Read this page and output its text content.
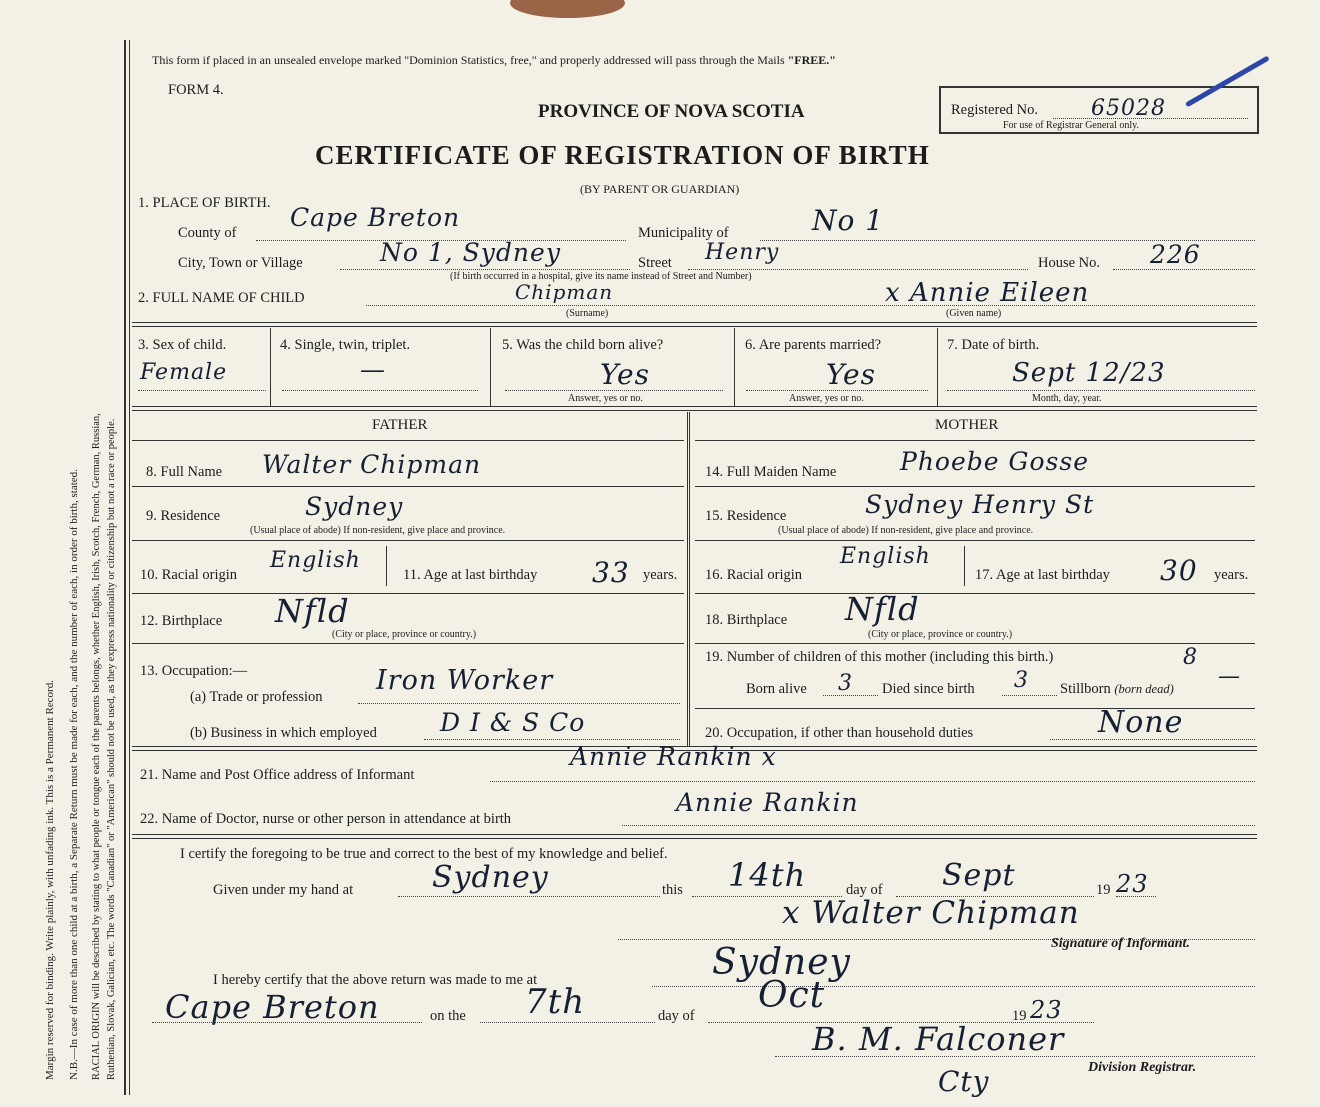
Margin reserved for binding. Write plainly, with unfading ink. This is a Permanent Record. N.B.—In case of more than one child at a birth, a Separate Return must be made for each, and the number of each, in order of birth, stated. RACIAL ORIGIN will be described by stating to what people or tongue each of the parents belongs, whether English, Irish, Scotch, French, German, Russian, Ruthenian, Slovak, Galician, etc. The words "Canadian" or "American" should not be used, as they express nationality or citizenship but not a race or people.
This form if placed in an unsealed envelope marked "Dominion Statistics, free," and properly addressed will pass through the Mails "FREE."
FORM 4.
PROVINCE OF NOVA SCOTIA
CERTIFICATE OF REGISTRATION OF BIRTH
(BY PARENT OR GUARDIAN)
Registered No. 65028
For use of Registrar General only.
1. PLACE OF BIRTH.
County of
Cape Breton
Municipality of	No 1
City, Town or Village	No 1, Sydney	Street Henry	House No. 226
(If birth occurred in a hospital, give its name instead of Street and Number)
2. FULL NAME OF CHILD	Chipman	x Annie Eileen
(Surname)	(Given name)
3. Sex of child.
Female
4. Single, twin, triplet.
—
5. Was the child born alive?
Yes
Answer, yes or no.
6. Are parents married?
Yes
Answer, yes or no.
7. Date of birth.
Sept 12/23
Month, day, year.
FATHER
8. Full Name Walter Chipman
9. Residence	Sydney
(Usual place of abode) If non-resident, give place and province.
10. Racial origin
English
11. Age at last birthday 33 years.
12. Birthplace Nfld
(City or place, province or country.)
13. Occupation:—
(a) Trade or profession
Iron Worker
(b) Business in which employed	D I & S Co
MOTHER
14. Full Maiden Name	Phoebe Gosse
15. Residence	Sydney Henry St
(Usual place of abode) If non-resident, give place and province.
16. Racial origin
English
17. Age at last birthday 30 years.
18. Birthplace Nfld
(City or place, province or country.)
19. Number of children of this mother (including this birth.)	8
Born alive 3 Died since birth 3 Stillborn (born dead) —
20. Occupation, if other than household duties	None
21. Name and Post Office address of Informant
Annie Rankin x
22. Name of Doctor, nurse or other person in attendance at birth
Annie Rankin
I certify the foregoing to be true and correct to the best of my knowledge and belief.
Given under my hand at	Sydney	this 14th	day of Sept	19 23
x Walter Chipman
Signature of Informant.
I hereby certify that the above return was made to me at	Sydney
Cape Breton	on the 7th	day of Oct	19 23
B. M. Falconer
Division Registrar.
Cty
